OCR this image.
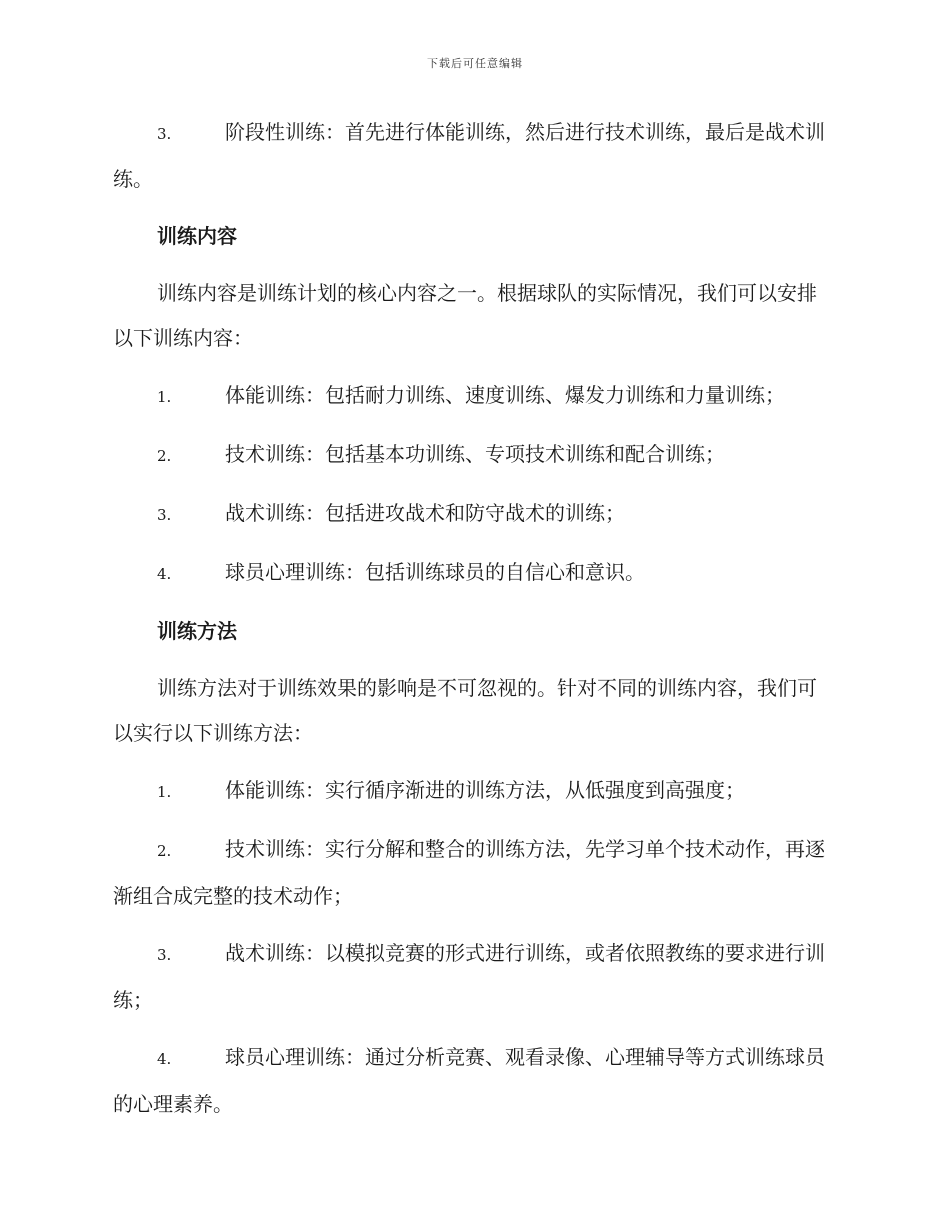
下载后可任意编辑
3.	阶段性训练：首先进行体能训练，然后进行技术训练，最后是战术训练。
训练内容
训练内容是训练计划的核心内容之一。根据球队的实际情况，我们可以安排以下训练内容：
1.	体能训练：包括耐力训练、速度训练、爆发力训练和力量训练；
2.	技术训练：包括基本功训练、专项技术训练和配合训练；
3.	战术训练：包括进攻战术和防守战术的训练；
4.	球员心理训练：包括训练球员的自信心和意识。
训练方法
训练方法对于训练效果的影响是不可忽视的。针对不同的训练内容，我们可以实行以下训练方法：
1.	体能训练：实行循序渐进的训练方法，从低强度到高强度；
2.	技术训练：实行分解和整合的训练方法，先学习单个技术动作，再逐渐组合成完整的技术动作；
3.	战术训练：以模拟竞赛的形式进行训练，或者依照教练的要求进行训练；
4.	球员心理训练：通过分析竞赛、观看录像、心理辅导等方式训练球员的心理素养。
